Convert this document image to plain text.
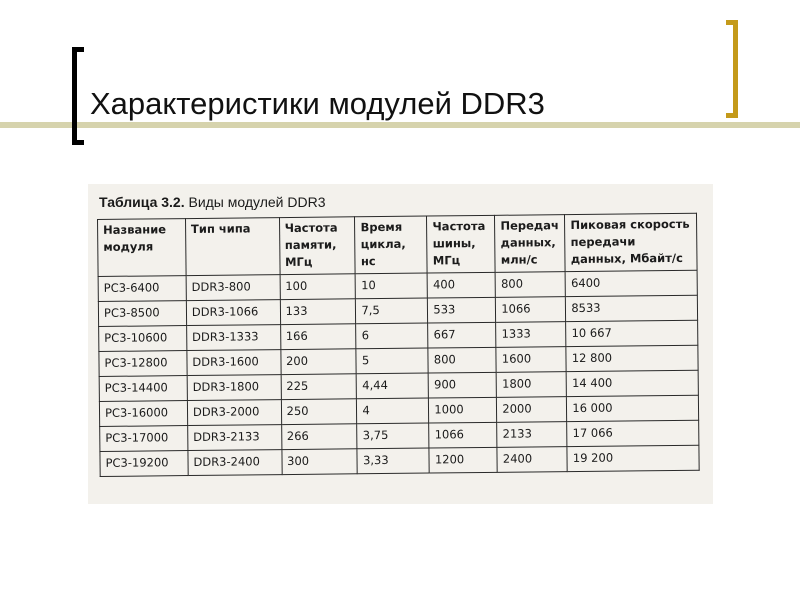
Характеристики модулей DDR3

Таблица 3.2. Виды модулей DDR3

Название модуля	Тип чипа	Частота памяти, МГц	Время цикла, нс	Частота шины, МГц	Передач данных, млн/с	Пиковая скорость передачи данных, Мбайт/с
PC3-6400	DDR3-800	100	10	400	800	6400
PC3-8500	DDR3-1066	133	7,5	533	1066	8533
PC3-10600	DDR3-1333	166	6	667	1333	10 667
PC3-12800	DDR3-1600	200	5	800	1600	12 800
PC3-14400	DDR3-1800	225	4,44	900	1800	14 400
PC3-16000	DDR3-2000	250	4	1000	2000	16 000
PC3-17000	DDR3-2133	266	3,75	1066	2133	17 066
PC3-19200	DDR3-2400	300	3,33	1200	2400	19 200
